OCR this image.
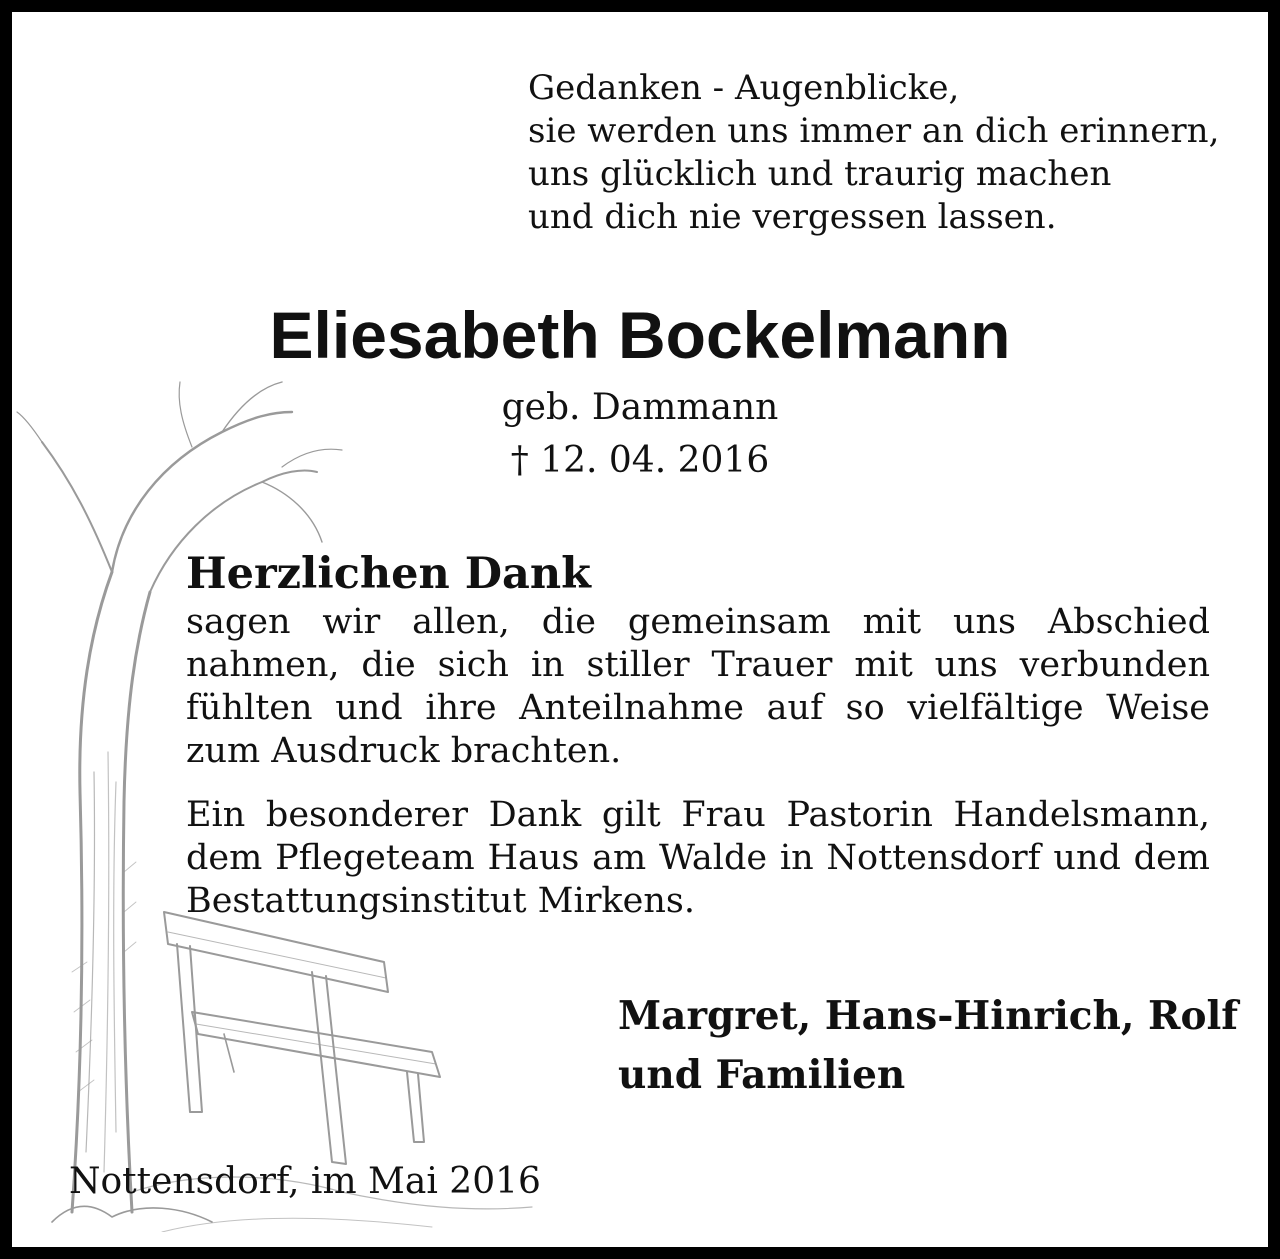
Gedanken - Augenblicke,
sie werden uns immer an dich erinnern,
uns glücklich und traurig machen
und dich nie vergessen lassen.
Eliesabeth Bockelmann
geb. Dammann
† 12. 04. 2016
Herzlichen Dank
sagen wir allen, die gemeinsam mit uns Abschied nahmen, die sich in stiller Trauer mit uns verbunden fühlten und ihre Anteilnahme auf so vielfältige Weise zum Ausdruck brachten.
Ein besonderer Dank gilt Frau Pastorin Handelsmann, dem Pflegeteam Haus am Walde in Nottensdorf und dem Bestattungsinstitut Mirkens.
Margret, Hans-Hinrich, Rolf
und Familien
Nottensdorf, im Mai 2016
